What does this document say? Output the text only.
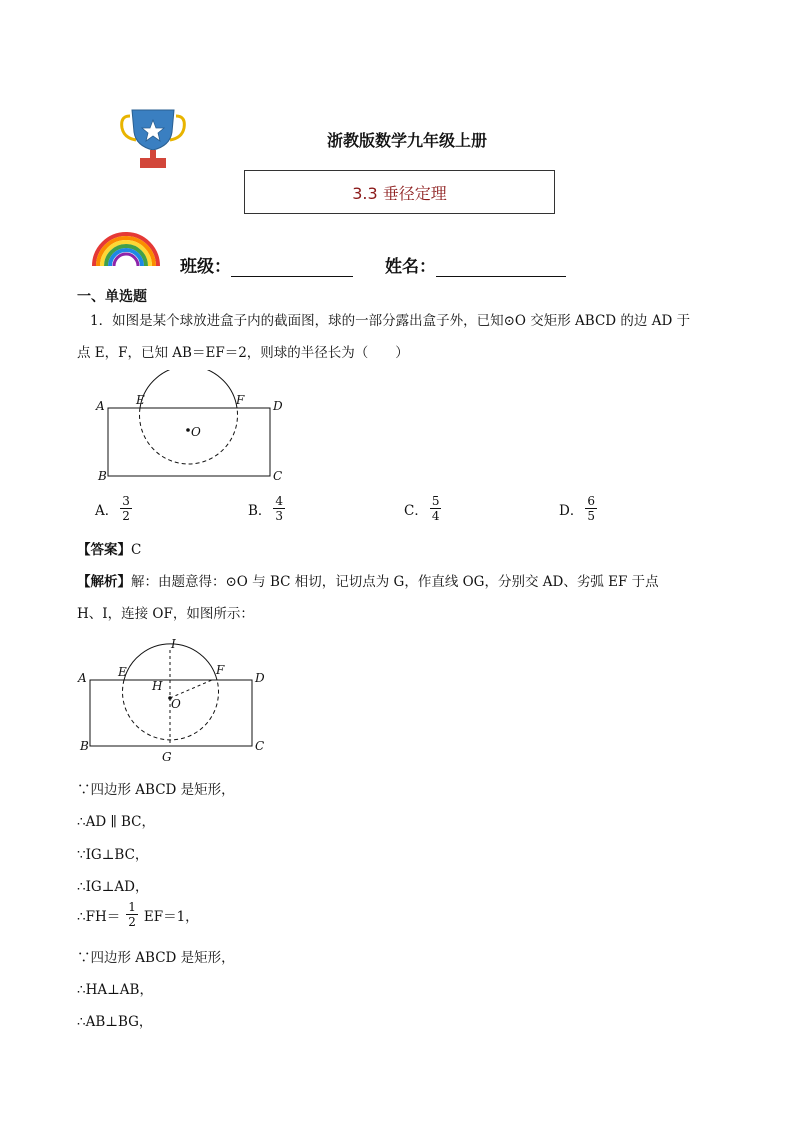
浙教版数学九年级上册
3.3 垂径定理
班级：	姓名：
一、单选题
1．如图是某个球放进盒子内的截面图，球的一部分露出盒子外，已知⊙O 交矩形 ABCD 的边 AD 于
点 E，F，已知 AB＝EF＝2，则球的半径长为（　　）
A
B	C
D
E	F
O
A． $\frac{3}{2}$	B． $\frac{4}{3}$	C． $\frac{5}{4}$	D． $\frac{6}{5}$
【答案】C
【解析】解：由题意得：⊙O 与 BC 相切，记切点为 G，作直线 OG，分别交 AD、劣弧 EF 于点
H、I，连接 OF，如图所示：
A
B	C
D
E	F
I
H
O
G
∵四边形 ABCD 是矩形，
∴AD ∥ BC，
∵IG⊥BC，
∴IG⊥AD，
∴FH＝ $\frac{1}{2} EF=1$，
∵四边形 ABCD 是矩形，
∴HA⊥AB，
∴AB⊥BG，
